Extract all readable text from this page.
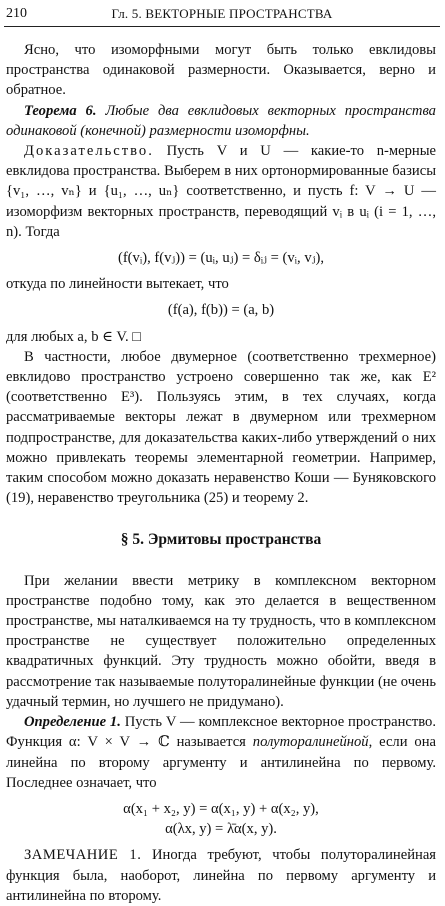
210	Гл. 5. ВЕКТОРНЫЕ ПРОСТРАНСТВА

Ясно, что изоморфными могут быть только евклидовы пространства одинаковой размерности. Оказывается, верно и обратное.

Теорема 6. Любые два евклидовых векторных пространства одинаковой (конечной) размерности изоморфны.

Доказательство. Пусть V и U — какие-то n-мерные евклидова пространства. Выберем в них ортонормированные базисы {v₁, …, vₙ} и {u₁, …, uₙ} соответственно, и пусть f: V → U — изоморфизм векторных пространств, переводящий vᵢ в uᵢ (i = 1, …, n). Тогда

(f(vᵢ), f(vⱼ)) = (uᵢ, uⱼ) = δᵢⱼ = (vᵢ, vⱼ),

откуда по линейности вытекает, что

(f(a), f(b)) = (a, b)

для любых a, b ∈ V. □

В частности, любое двумерное (соответственно трехмерное) евклидово пространство устроено совершенно так же, как E² (соответственно E³). Пользуясь этим, в тех случаях, когда рассматриваемые векторы лежат в двумерном или трехмерном подпространстве, для доказательства каких-либо утверждений о них можно привлекать теоремы элементарной геометрии. Например, таким способом можно доказать неравенство Коши — Буняковского (19), неравенство треугольника (25) и теорему 2.

§ 5. Эрмитовы пространства

При желании ввести метрику в комплексном векторном пространстве подобно тому, как это делается в вещественном пространстве, мы наталкиваемся на ту трудность, что в комплексном пространстве не существует положительно определенных квадратичных функций. Эту трудность можно обойти, введя в рассмотрение так называемые полуторалинейные функции (не очень удачный термин, но лучшего не придумано).

Определение 1. Пусть V — комплексное векторное пространство. Функция α: V × V → ℂ называется полуторалинейной, если она линейна по второму аргументу и антилинейна по первому. Последнее означает, что

α(x₁ + x₂, y) = α(x₁, y) + α(x₂, y),

α(λx, y) = λ̄α(x, y).

ЗАМЕЧАНИЕ 1. Иногда требуют, чтобы полуторалинейная функция была, наоборот, линейна по первому аргументу и антилинейна по второму.
